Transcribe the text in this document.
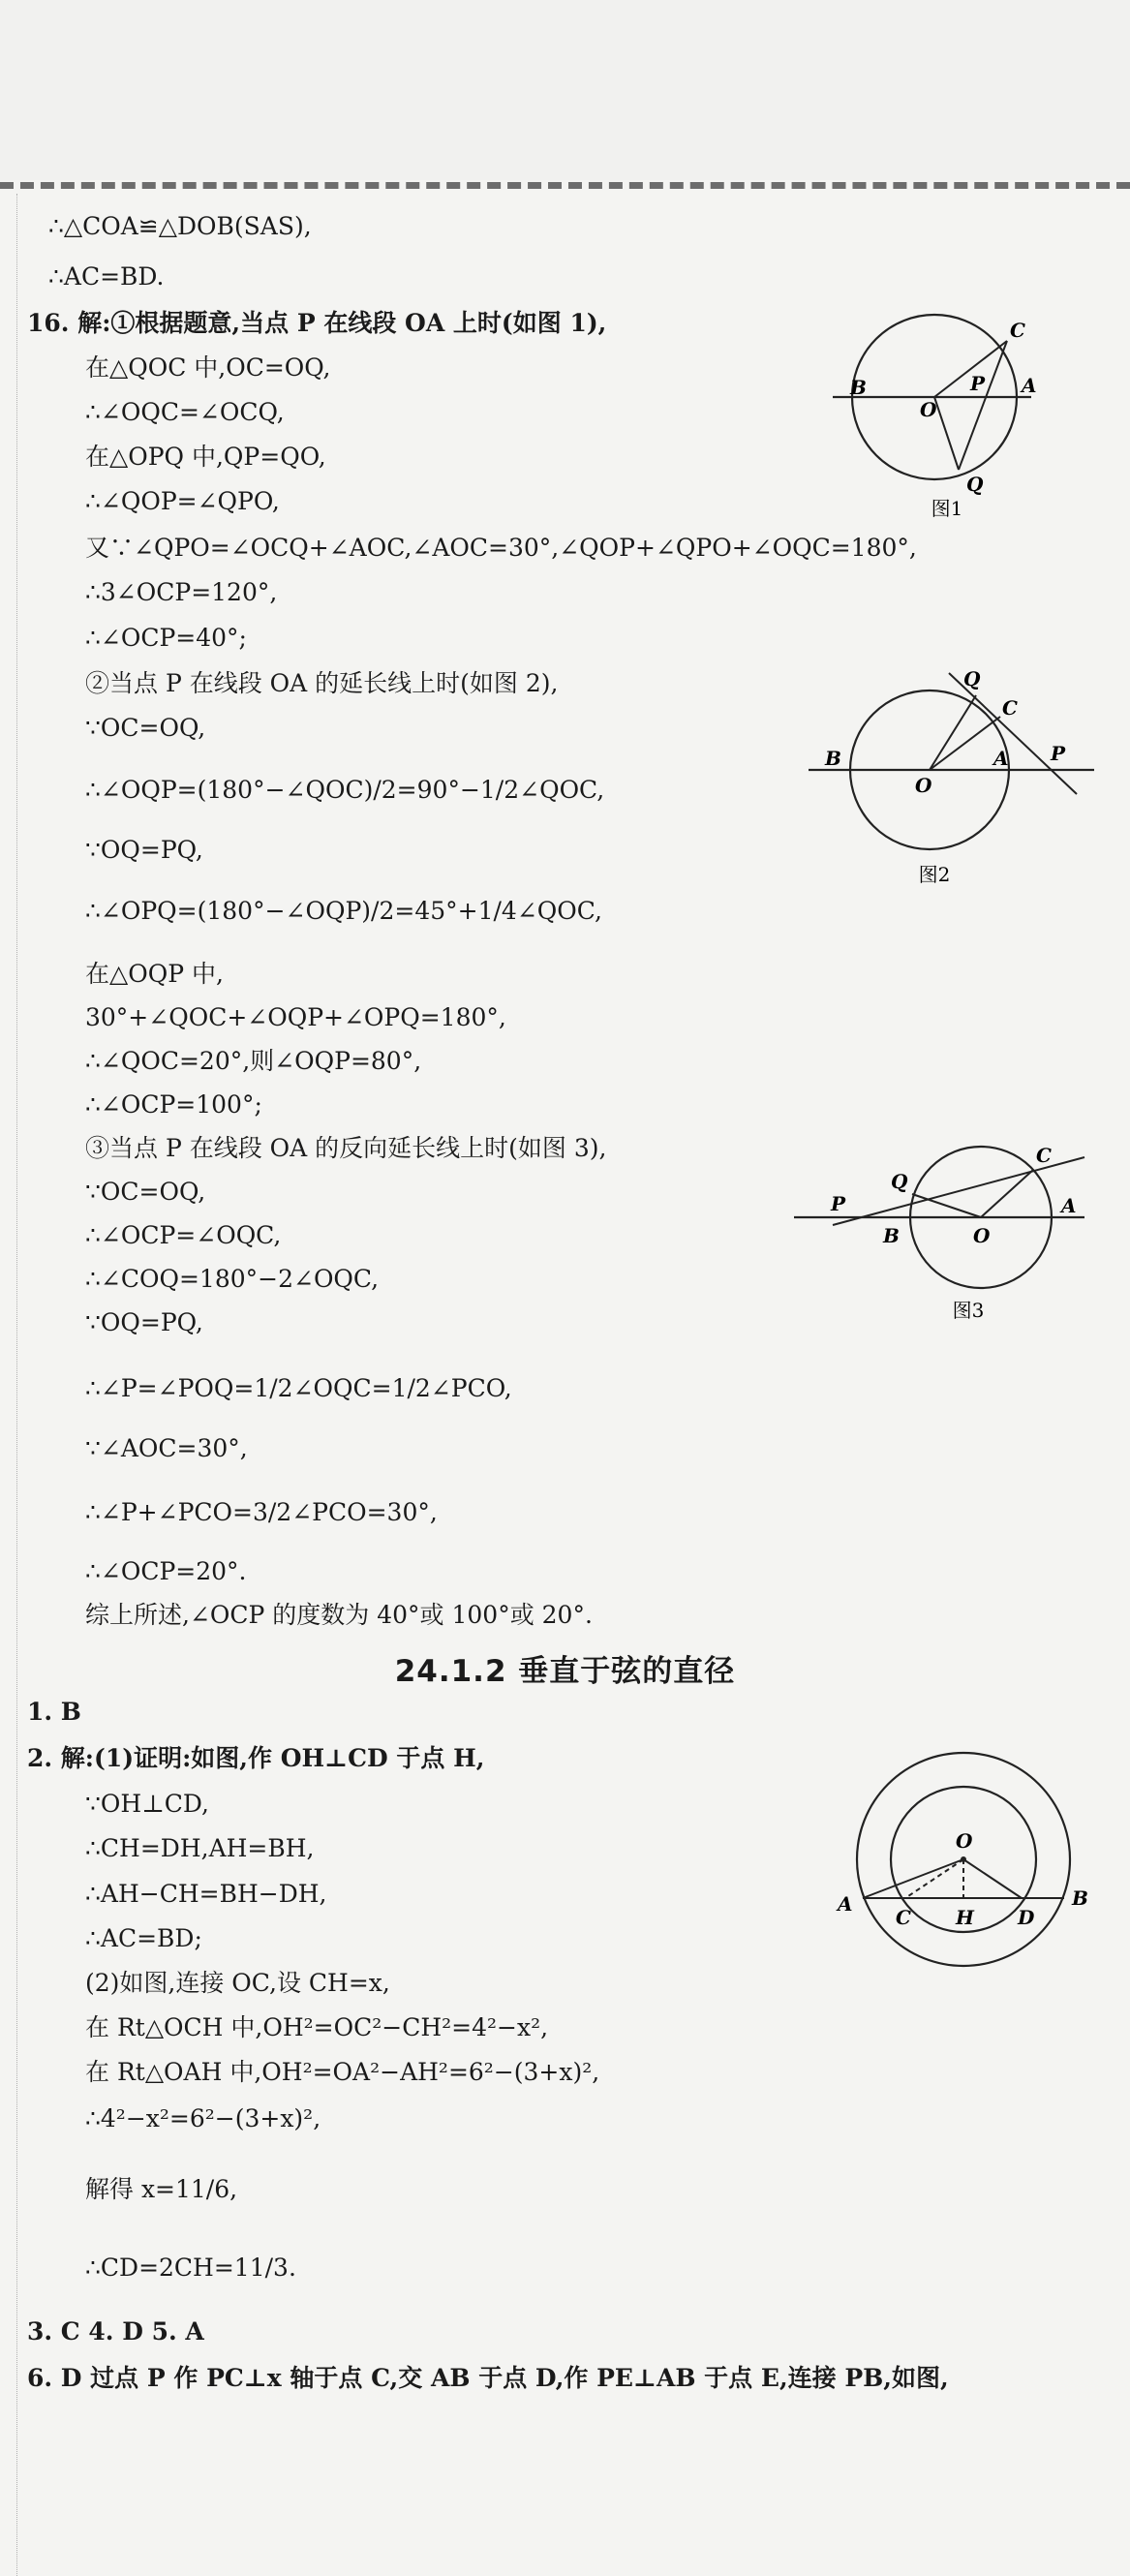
∴△COA≌△DOB(SAS),
∴AC=BD.
16. 解:①根据题意,当点 P 在线段 OA 上时(如图 1),
在△QOC 中,OC=OQ,
∴∠OQC=∠OCQ,
在△OPQ 中,QP=QO,
∴∠QOP=∠QPO,
又∵∠QPO=∠OCQ+∠AOC,∠AOC=30°,∠QOP+∠QPO+∠OQC=180°,
∴3∠OCP=120°,
∴∠OCP=40°;
②当点 P 在线段 OA 的延长线上时(如图 2),
∵OC=OQ,
∴∠OQP=(180°−∠QOC)/2=90°−1/2∠QOC,
∵OQ=PQ,
∴∠OPQ=(180°−∠OQP)/2=45°+1/4∠QOC,
在△OQP 中,
30°+∠QOC+∠OQP+∠OPQ=180°,
∴∠QOC=20°,则∠OQP=80°,
∴∠OCP=100°;
③当点 P 在线段 OA 的反向延长线上时(如图 3),
∵OC=OQ,
∴∠OCP=∠OQC,
∴∠COQ=180°−2∠OQC,
∵OQ=PQ,
∴∠P=∠POQ=1/2∠OQC=1/2∠PCO,
∵∠AOC=30°,
∴∠P+∠PCO=3/2∠PCO=30°,
∴∠OCP=20°.
综上所述,∠OCP 的度数为 40°或 100°或 20°.
1. B
2. 解:(1)证明:如图,作 OH⊥CD 于点 H,
∵OH⊥CD,
∴CH=DH,AH=BH,
∴AH−CH=BH−DH,
∴AC=BD;
(2)如图,连接 OC,设 CH=x,
在 Rt△OCH 中,OH²=OC²−CH²=4²−x²,
在 Rt△OAH 中,OH²=OA²−AH²=6²−(3+x)²,
∴4²−x²=6²−(3+x)²,
解得 x=11/6,
∴CD=2CH=11/3.
3. C 4. D 5. A
6. D 过点 P 作 PC⊥x 轴于点 C,交 AB 于点 D,作 PE⊥AB 于点 E,连接 PB,如图,
24.1.2 垂直于弦的直径
B
O
P
C
A
Q
图1
B
O
A
C
P
Q
图2
P
Q
B	O
C
A
图3
A
C
O
H D
B
